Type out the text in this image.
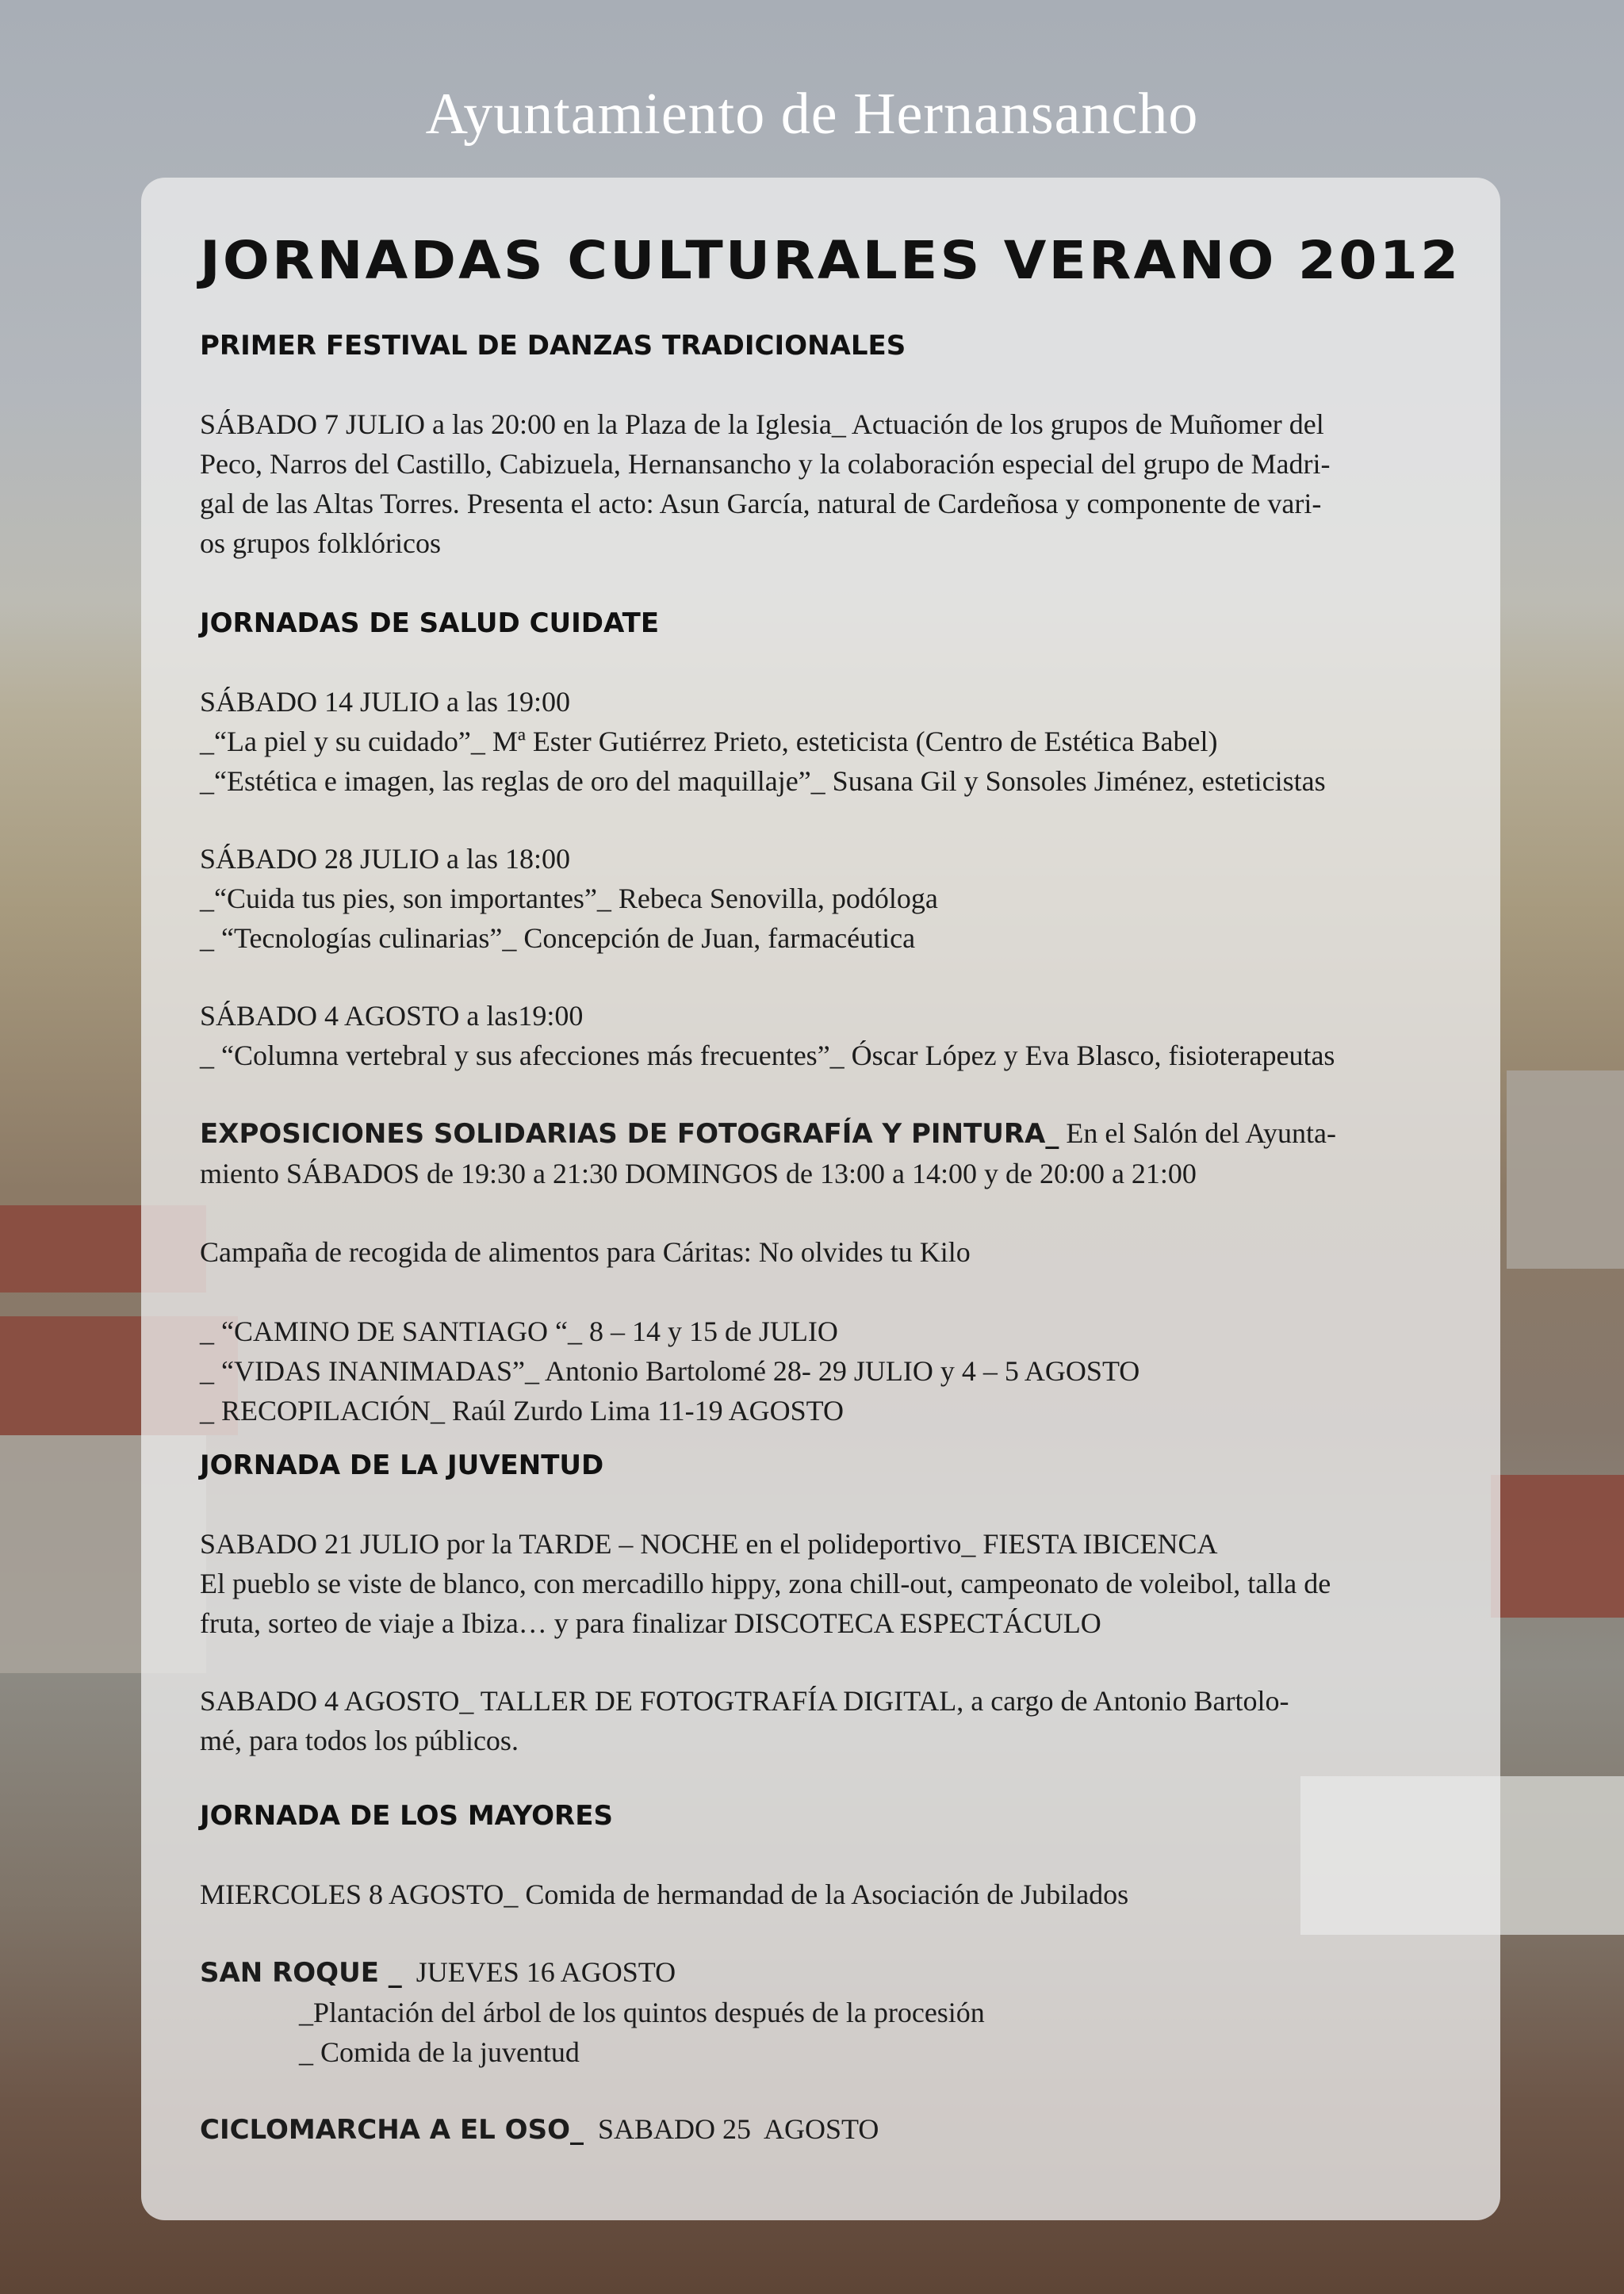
Ayuntamiento de Hernansancho
JORNADAS CULTURALES VERANO 2012
PRIMER FESTIVAL DE DANZAS TRADICIONALES
SÁBADO 7 JULIO a las 20:00 en la Plaza de la Iglesia_ Actuación de los grupos de Muñomer del
Peco, Narros del Castillo, Cabizuela, Hernansancho y la colaboración especial del grupo de Madri-
gal de las Altas Torres. Presenta el acto: Asun García, natural de Cardeñosa y componente de vari-
os grupos folklóricos
JORNADAS DE SALUD CUIDATE
SÁBADO 14 JULIO a las 19:00
_“La piel y su cuidado”_ Mª Ester Gutiérrez Prieto, esteticista (Centro de Estética Babel)
_“Estética e imagen, las reglas de oro del maquillaje”_ Susana Gil y Sonsoles Jiménez, esteticistas
SÁBADO 28 JULIO a las 18:00
_“Cuida tus pies, son importantes”_ Rebeca Senovilla, podóloga
_ “Tecnologías culinarias”_ Concepción de Juan, farmacéutica
SÁBADO 4 AGOSTO a las19:00
_ “Columna vertebral y sus afecciones más frecuentes”_ Óscar López y Eva Blasco, fisioterapeutas
EXPOSICIONES SOLIDARIAS DE FOTOGRAFÍA Y PINTURA_ En el Salón del Ayunta-
miento SÁBADOS de 19:30 a 21:30 DOMINGOS de 13:00 a 14:00 y de 20:00 a 21:00
Campaña de recogida de alimentos para Cáritas: No olvides tu Kilo
_ “CAMINO DE SANTIAGO “_ 8 – 14 y 15 de JULIO
_ “VIDAS INANIMADAS”_ Antonio Bartolomé 28- 29 JULIO y 4 – 5 AGOSTO
_ RECOPILACIÓN_ Raúl Zurdo Lima 11-19 AGOSTO
JORNADA DE LA JUVENTUD
SABADO 21 JULIO por la TARDE – NOCHE en el polideportivo_ FIESTA IBICENCA
El pueblo se viste de blanco, con mercadillo hippy, zona chill-out, campeonato de voleibol, talla de
fruta, sorteo de viaje a Ibiza… y para finalizar DISCOTECA ESPECTÁCULO
SABADO 4 AGOSTO_ TALLER DE FOTOGTRAFÍA DIGITAL, a cargo de Antonio Bartolo-
mé, para todos los públicos.
JORNADA DE LOS MAYORES
MIERCOLES 8 AGOSTO_ Comida de hermandad de la Asociación de Jubilados
SAN ROQUE _  JUEVES 16 AGOSTO
_Plantación del árbol de los quintos después de la procesión
_ Comida de la juventud
CICLOMARCHA A EL OSO_  SABADO 25  AGOSTO
